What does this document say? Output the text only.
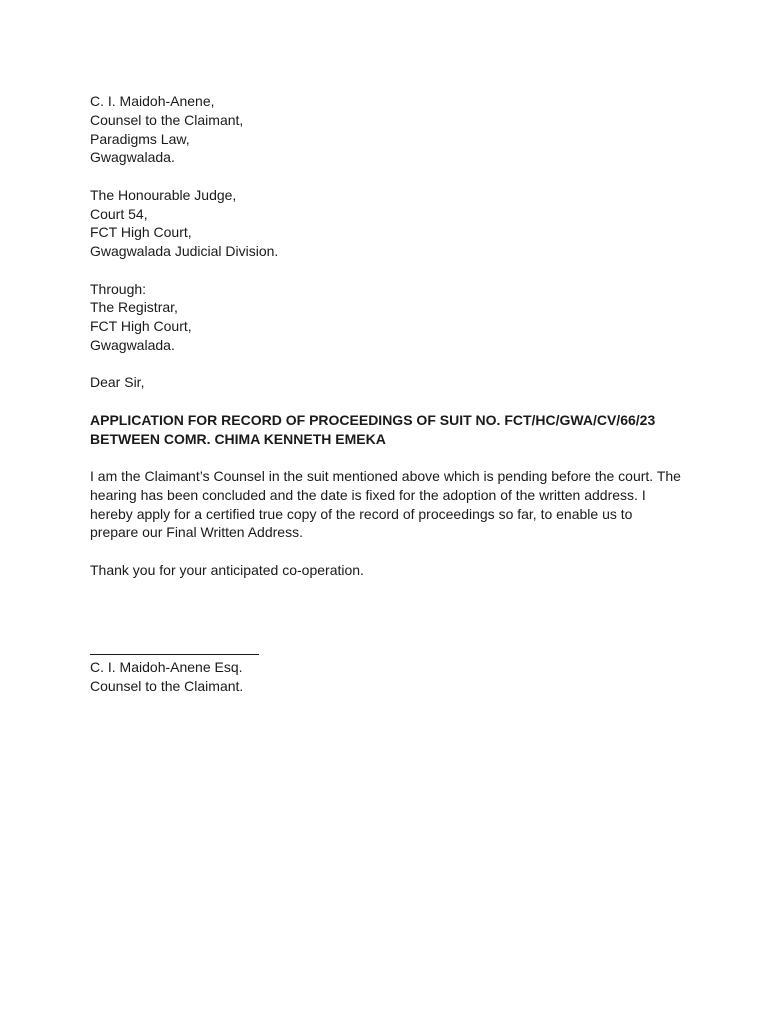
C. I. Maidoh-Anene,
Counsel to the Claimant,
Paradigms Law,
Gwagwalada.
The Honourable Judge,
Court 54,
FCT High Court,
Gwagwalada Judicial Division.
Through:
The Registrar,
FCT High Court,
Gwagwalada.
Dear Sir,
APPLICATION FOR RECORD OF PROCEEDINGS OF SUIT NO. FCT/HC/GWA/CV/66/23
BETWEEN COMR. CHIMA KENNETH EMEKA
I am the Claimant’s Counsel in the suit mentioned above which is pending before the court. The hearing has been concluded and the date is fixed for the adoption of the written address. I hereby apply for a certified true copy of the record of proceedings so far, to enable us to prepare our Final Written Address.
Thank you for your anticipated co-operation.
C. I. Maidoh-Anene Esq.
Counsel to the Claimant.
